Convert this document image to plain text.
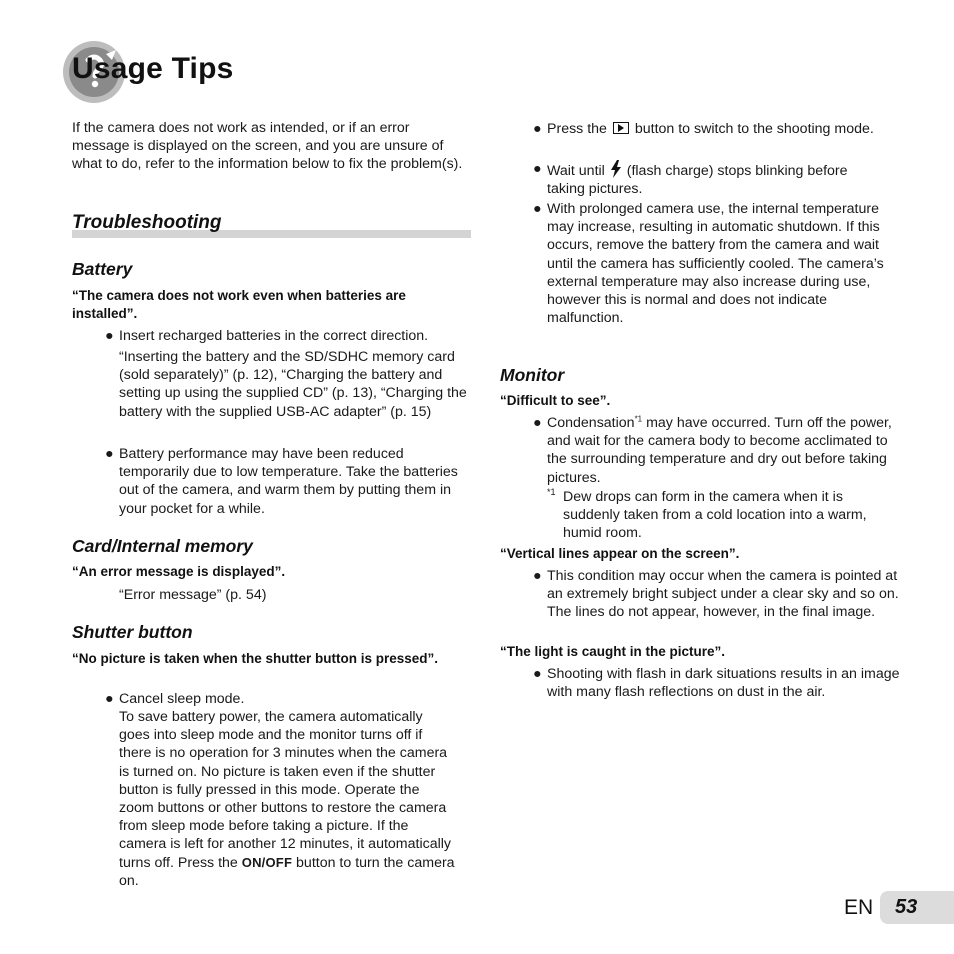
Usage Tips
If the camera does not work as intended, or if an error message is displayed on the screen, and you are unsure of what to do, refer to the information below to fix the problem(s).
Troubleshooting
Battery
“The camera does not work even when batteries are installed”.
● Insert recharged batteries in the correct direction.
“Inserting the battery and the SD/SDHC memory card (sold separately)” (p. 12), “Charging the battery and setting up using the supplied CD” (p. 13), “Charging the battery with the supplied USB-AC adapter” (p. 15)
● Battery performance may have been reduced temporarily due to low temperature. Take the batteries out of the camera, and warm them by putting them in your pocket for a while.
Card/Internal memory
“An error message is displayed”.
“Error message” (p. 54)
Shutter button
“No picture is taken when the shutter button is pressed”.
● Cancel sleep mode.
To save battery power, the camera automatically goes into sleep mode and the monitor turns off if there is no operation for 3 minutes when the camera is turned on. No picture is taken even if the shutter button is fully pressed in this mode. Operate the zoom buttons or other buttons to restore the camera from sleep mode before taking a picture. If the camera is left for another 12 minutes, it automatically turns off. Press the ON/OFF button to turn the camera on.
● Press the button to switch to the shooting mode.
● Wait until (flash charge) stops blinking before taking pictures.
● With prolonged camera use, the internal temperature may increase, resulting in automatic shutdown. If this occurs, remove the battery from the camera and wait until the camera has sufficiently cooled. The camera’s external temperature may also increase during use, however this is normal and does not indicate malfunction.
Monitor
“Difficult to see”.
● Condensation$^{*1}$ may have occurred. Turn off the power, and wait for the camera body to become acclimated to the surrounding temperature and dry out before taking pictures.
*1 Dew drops can form in the camera when it is suddenly taken from a cold location into a warm, humid room.
“Vertical lines appear on the screen”.
● This condition may occur when the camera is pointed at an extremely bright subject under a clear sky and so on. The lines do not appear, however, in the final image.
“The light is caught in the picture”.
● Shooting with flash in dark situations results in an image with many flash reflections on dust in the air.
EN 53
